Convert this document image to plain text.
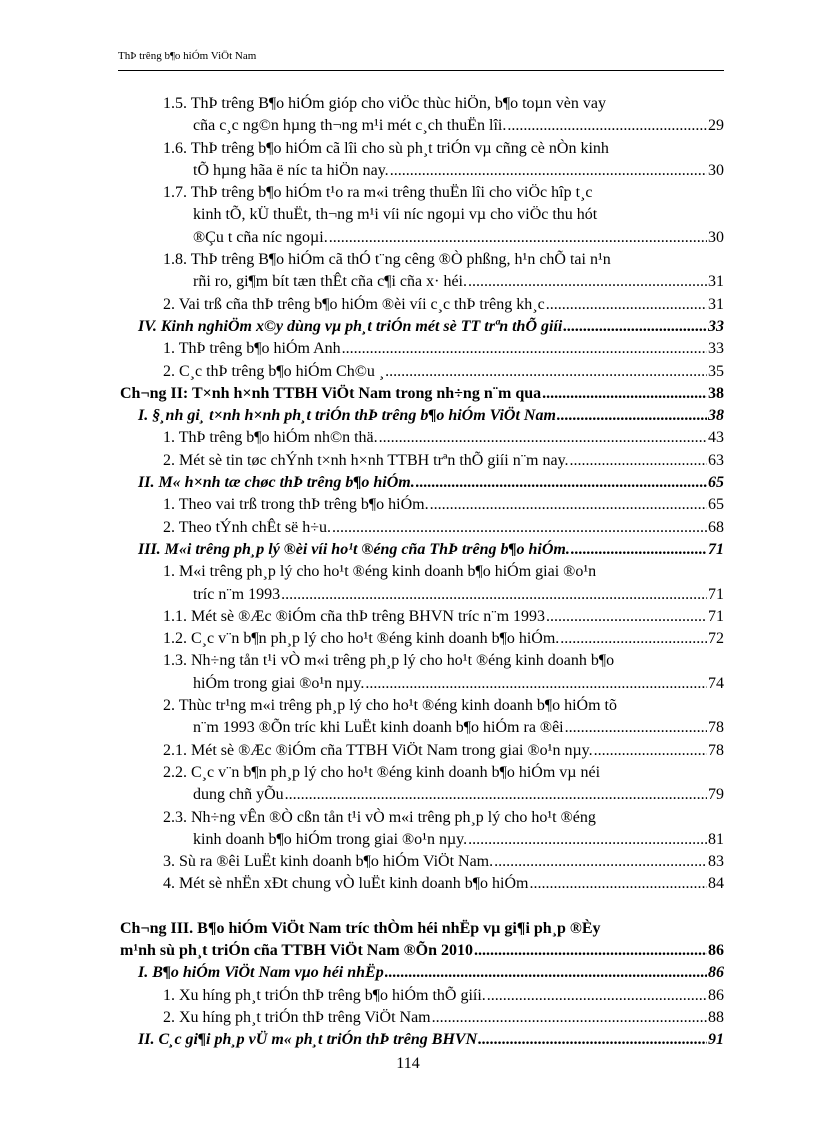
ThÞ trêng b¶o hiÓm ViÖt Nam
1.5. ThÞ trêng B¶o hiÓm gióp cho viÖc thùc hiÖn, b¶o toµn vèn vay
cña c¸c ng©n hµng th¬ng m¹i mét c¸ch thuËn lîi. .....	29
1.6. ThÞ trêng b¶o hiÓm cã lîi cho sù ph¸t triÓn vµ cñng cè nÒn kinh
tÕ hµng hãa ë níc ta hiÖn nay. .....	30
1.7. ThÞ trêng b¶o hiÓm t¹o ra m«i trêng thuËn lîi cho viÖc hîp t¸c
kinh tÕ, kÜ thuËt, th¬ng m¹i víi níc ngoµi vµ cho viÖc thu hót
®Çu t cña níc ngoµi. .....	30
1.8. ThÞ trêng B¶o hiÓm cã thÓ t¨ng cêng ®Ò phßng, h¹n chÕ tai n¹n
rñi ro, gi¶m bít tæn thÊt cña c¶i cña x· héi. .....	31
2. Vai trß cña thÞ trêng b¶o hiÓm ®èi víi c¸c thÞ trêng kh¸c .....	31
IV. Kinh nghiÖm x©y dùng vµ ph¸t triÓn mét sè TT trªn thÕ giíi .....	33
1. ThÞ trêng b¶o hiÓm Anh .....	33
2. C¸c thÞ trêng b¶o hiÓm Ch©u ¸ .....	35
Ch¬ng II: T×nh h×nh TTBH ViÖt Nam trong nh÷ng n¨m qua .....	38
I. §¸nh gi¸ t×nh h×nh ph¸t triÓn thÞ trêng b¶o hiÓm ViÖt Nam .....	38
1. ThÞ trêng b¶o hiÓm nh©n thä. .....	43
2. Mét sè tin tøc chÝnh t×nh h×nh TTBH trªn thÕ giíi n¨m nay. .....	63
II. M« h×nh tæ chøc thÞ trêng b¶o hiÓm. .....	65
1. Theo vai trß trong thÞ trêng b¶o hiÓm. .....	65
2. Theo tÝnh chÊt së h÷u. .....	68
III. M«i trêng ph¸p lý ®èi víi ho¹t ®éng cña ThÞ trêng b¶o hiÓm. .....	71
1. M«i trêng ph¸p lý cho ho¹t ®éng kinh doanh b¶o hiÓm giai ®o¹n
tríc n¨m 1993 .....	71
1.1. Mét sè ®Æc ®iÓm cña thÞ trêng BHVN tríc n¨m 1993 .....	71
1.2. C¸c v¨n b¶n ph¸p lý cho ho¹t ®éng kinh doanh b¶o hiÓm. .....	72
1.3. Nh÷ng tån t¹i vÒ m«i trêng ph¸p lý cho ho¹t ®éng kinh doanh b¶o
hiÓm trong giai ®o¹n nµy. .....	74
2. Thùc tr¹ng m«i trêng ph¸p lý cho ho¹t ®éng kinh doanh b¶o hiÓm tõ
n¨m 1993 ®Õn tríc khi LuËt kinh doanh b¶o hiÓm ra ®êi .....	78
2.1. Mét sè ®Æc ®iÓm cña TTBH ViÖt Nam trong giai ®o¹n nµy. .....	78
2.2. C¸c v¨n b¶n ph¸p lý cho ho¹t ®éng kinh doanh b¶o hiÓm vµ néi
dung chñ yÕu .....	79
2.3. Nh÷ng vÊn ®Ò cßn tån t¹i vÒ m«i trêng ph¸p lý cho ho¹t ®éng
kinh doanh b¶o hiÓm trong giai ®o¹n nµy. .....	81
3. Sù ra ®êi LuËt kinh doanh b¶o hiÓm ViÖt Nam. .....	83
4. Mét sè nhËn xÐt chung vÒ luËt kinh doanh b¶o hiÓm .....	84
Ch¬ng III. B¶o hiÓm ViÖt Nam tríc thÒm héi nhËp vµ gi¶i ph¸p ®Èy
m¹nh sù ph¸t triÓn cña TTBH ViÖt Nam ®Õn 2010 .....	86
I. B¶o hiÓm ViÖt Nam vµo héi nhËp .....	86
1. Xu híng ph¸t triÓn thÞ trêng b¶o hiÓm thÕ giíi. .....	86
2. Xu híng ph¸t triÓn thÞ trêng ViÖt Nam .....	88
II. C¸c gi¶i ph¸p vÜ m« ph¸t triÓn thÞ trêng BHVN .....	91
114
